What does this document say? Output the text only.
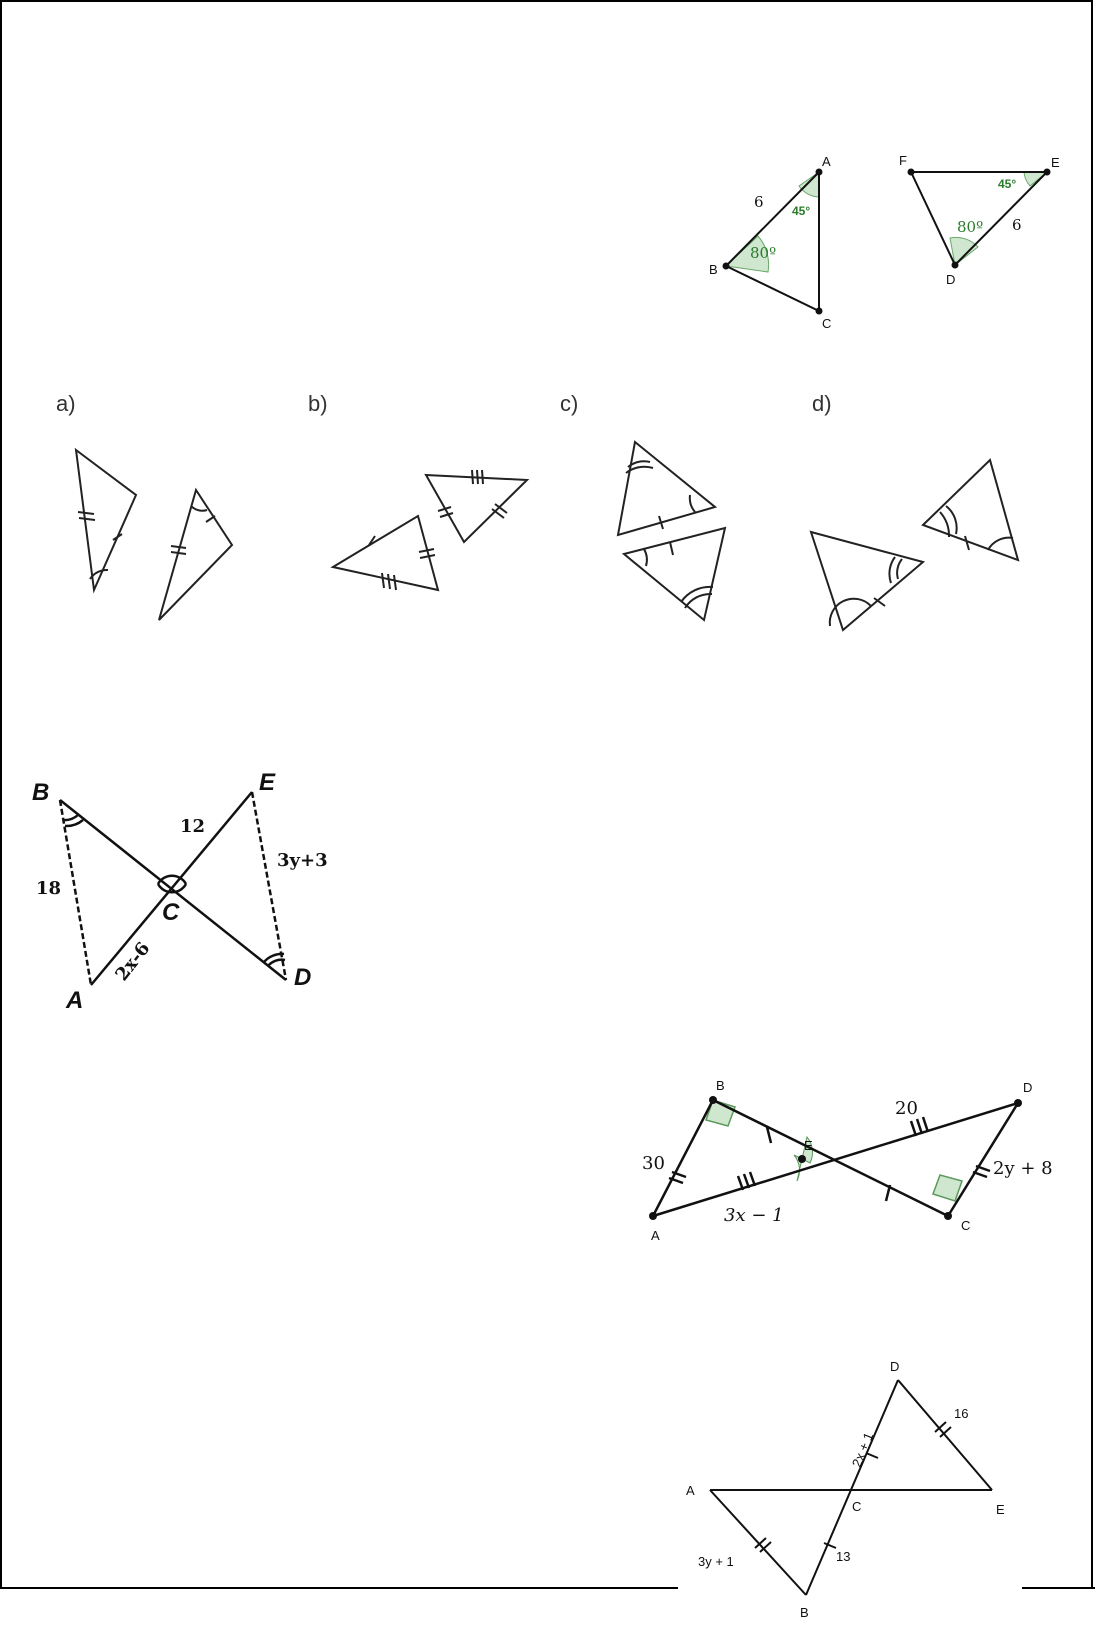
A
B
C
6 45°
80º
F	E
D
6
45°
80º
a)	b)	c)	d)
B	E
C
A
D
18
12
3y+3
2x-6
B	D
E
A
C
30
20
2y + 8
3x − 1
D
A
C	E
B
2x + 1
16
3y + 1	13
